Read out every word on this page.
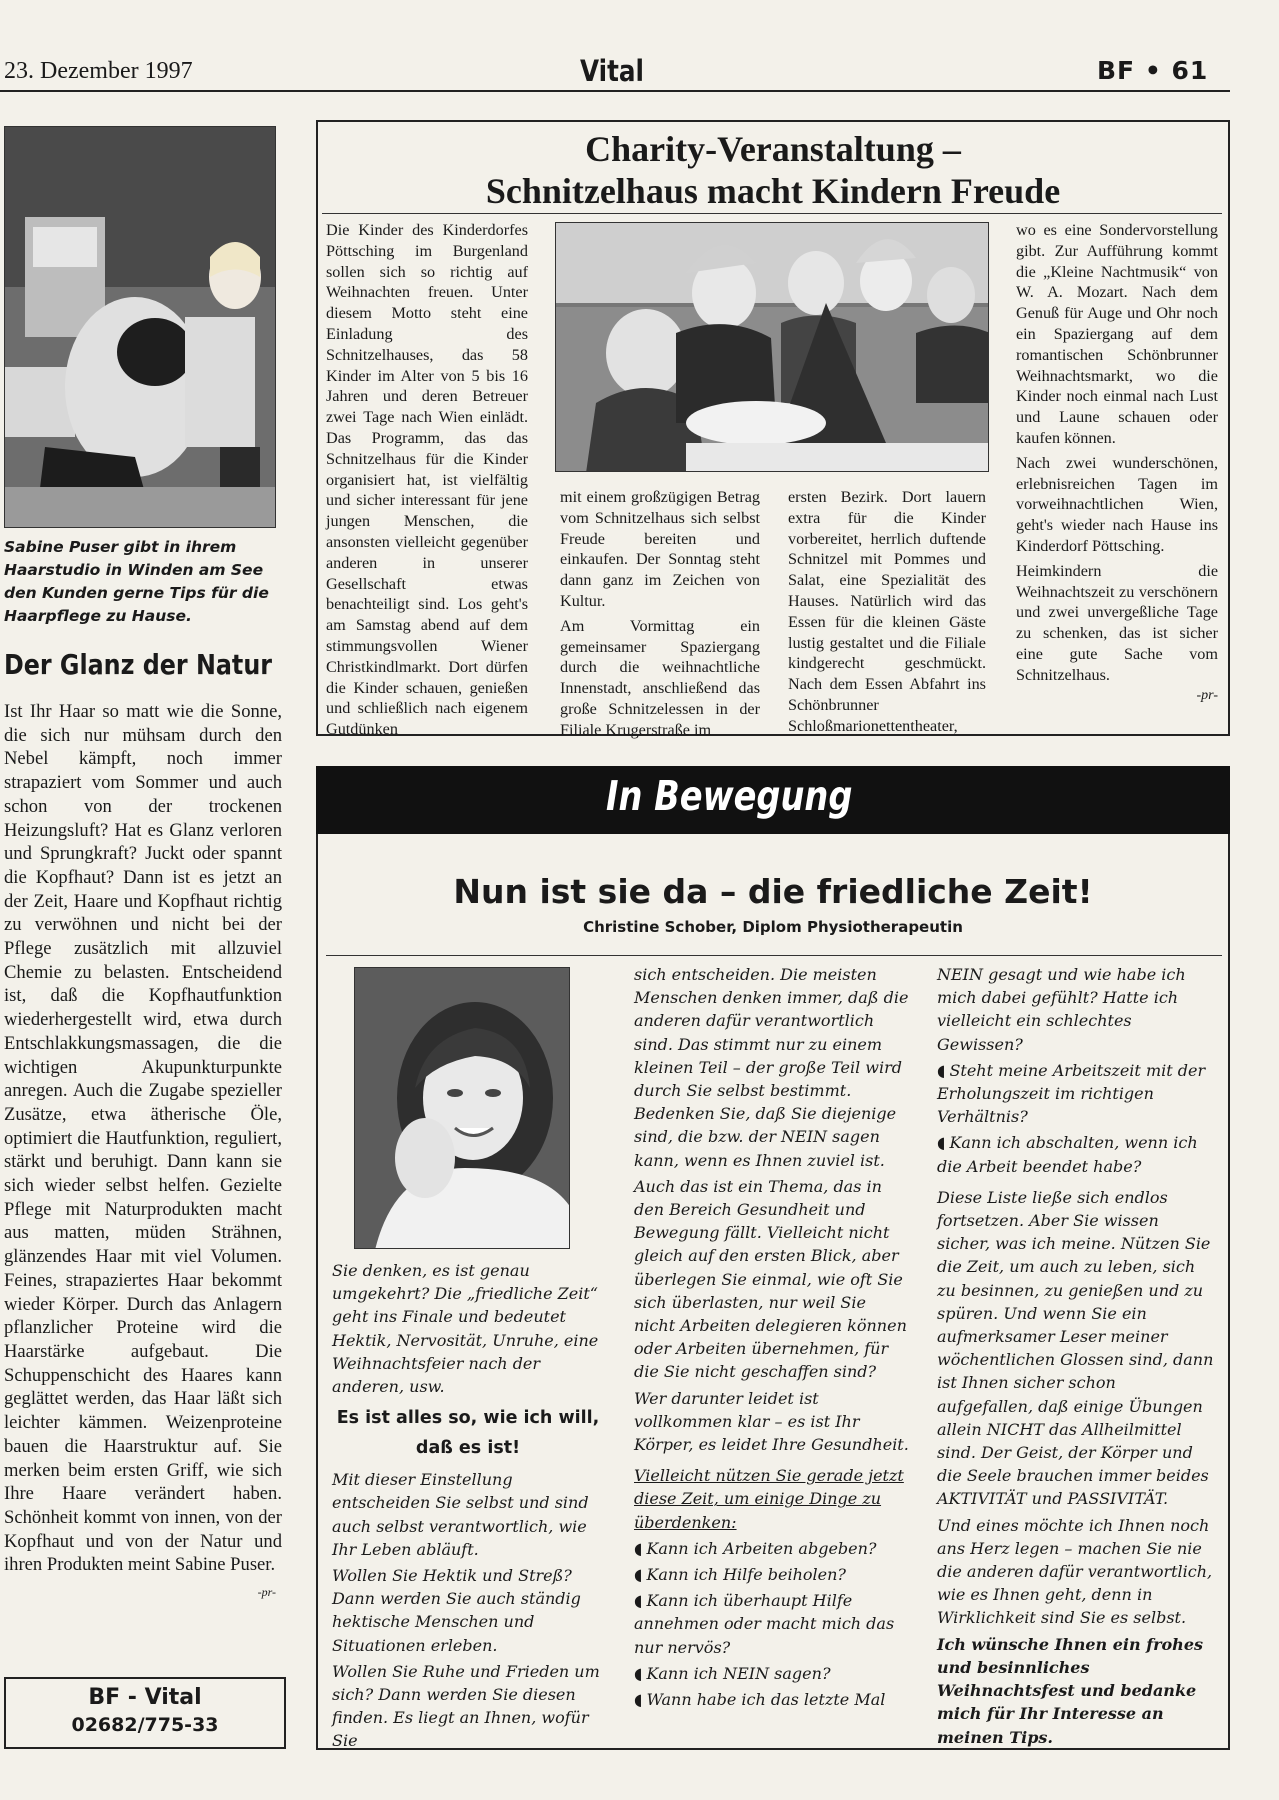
23. Dezember 1997	Vital	BF • 61
Sabine Puser gibt in ihrem Haarstudio in Winden am See den Kunden gerne Tips für die Haarpflege zu Hause.
Der Glanz der Natur
Ist Ihr Haar so matt wie die Sonne, die sich nur mühsam durch den Nebel kämpft, noch immer strapaziert vom Sommer und auch schon von der trockenen Heizungsluft? Hat es Glanz verloren und Sprungkraft? Juckt oder spannt die Kopfhaut? Dann ist es jetzt an der Zeit, Haare und Kopfhaut richtig zu verwöhnen und nicht bei der Pflege zusätzlich mit allzuviel Chemie zu belasten. Entscheidend ist, daß die Kopfhautfunktion wiederhergestellt wird, etwa durch Entschlakkungsmassagen, die die wichtigen Akupunkturpunkte anregen. Auch die Zugabe spezieller Zusätze, etwa ätherische Öle, optimiert die Hautfunktion, reguliert, stärkt und beruhigt. Dann kann sie sich wieder selbst helfen. Gezielte Pflege mit Naturprodukten macht aus matten, müden Strähnen, glänzendes Haar mit viel Volumen. Feines, strapaziertes Haar bekommt wieder Körper. Durch das Anlagern pflanzlicher Proteine wird die Haarstärke aufgebaut. Die Schuppenschicht des Haares kann geglättet werden, das Haar läßt sich leichter kämmen. Weizenproteine bauen die Haarstruktur auf. Sie merken beim ersten Griff, wie sich Ihre Haare verändert haben. Schönheit kommt von innen, von der Kopfhaut und von der Natur und ihren Produkten meint Sabine Puser.
-pr-
BF - Vital
02682/775-33
Charity-Veranstaltung –
Schnitzelhaus macht Kindern Freude

Die Kinder des Kinderdorfes Pöttsching im Burgenland sollen sich so richtig auf Weihnachten freuen. Unter diesem Motto steht eine Einladung des Schnitzelhauses, das 58 Kinder im Alter von 5 bis 16 Jahren und deren Betreuer zwei Tage nach Wien einlädt. Das Programm, das das Schnitzelhaus für die Kinder organisiert hat, ist vielfältig und sicher interessant für jene jungen Menschen, die ansonsten vielleicht gegenüber anderen in unserer Gesellschaft etwas benachteiligt sind. Los geht's am Samstag abend auf dem stimmungsvollen Wiener Christkindlmarkt. Dort dürfen die Kinder schauen, genießen und schließlich nach eigenem Gutdünken

mit einem großzügigen Betrag vom Schnitzelhaus sich selbst Freude bereiten und einkaufen. Der Sonntag steht dann ganz im Zeichen von Kultur.

Am Vormittag ein gemeinsamer Spaziergang durch die weihnachtliche Innenstadt, anschließend das große Schnitzelessen in der Filiale Krugerstraße im

ersten Bezirk. Dort lauern extra für die Kinder vorbereitet, herrlich duftende Schnitzel mit Pommes und Salat, eine Spezialität des Hauses. Natürlich wird das Essen für die kleinen Gäste lustig gestaltet und die Filiale kindgerecht geschmückt. Nach dem Essen Abfahrt ins Schönbrunner Schloßmarionettentheater,

wo es eine Sondervorstellung gibt. Zur Aufführung kommt die „Kleine Nachtmusik“ von W. A. Mozart. Nach dem Genuß für Auge und Ohr noch ein Spaziergang auf dem romantischen Schönbrunner Weihnachtsmarkt, wo die Kinder noch einmal nach Lust und Laune schauen oder kaufen können.

Nach zwei wunderschönen, erlebnisreichen Tagen im vorweihnachtlichen Wien, geht's wieder nach Hause ins Kinderdorf Pöttsching.

Heimkindern die Weihnachtszeit zu verschönern und zwei unvergeßliche Tage zu schenken, das ist sicher eine gute Sache vom Schnitzelhaus.

-pr-
In Bewegung
Nun ist sie da – die friedliche Zeit!
Christine Schober, Diplom Physiotherapeutin

Sie denken, es ist genau umgekehrt? Die „friedliche Zeit“ geht ins Finale und bedeutet Hektik, Nervosität, Unruhe, eine Weihnachtsfeier nach der anderen, usw.

Es ist alles so, wie ich will, daß es ist!

Mit dieser Einstellung entscheiden Sie selbst und sind auch selbst verantwortlich, wie Ihr Leben abläuft.

Wollen Sie Hektik und Streß? Dann werden Sie auch ständig hektische Menschen und Situationen erleben.

Wollen Sie Ruhe und Frieden um sich? Dann werden Sie diesen finden. Es liegt an Ihnen, wofür Sie

sich entscheiden. Die meisten Menschen denken immer, daß die anderen dafür verantwortlich sind. Das stimmt nur zu einem kleinen Teil – der große Teil wird durch Sie selbst bestimmt. Bedenken Sie, daß Sie diejenige sind, die bzw. der NEIN sagen kann, wenn es Ihnen zuviel ist.

Auch das ist ein Thema, das in den Bereich Gesundheit und Bewegung fällt. Vielleicht nicht gleich auf den ersten Blick, aber überlegen Sie einmal, wie oft Sie sich überlasten, nur weil Sie nicht Arbeiten delegieren können oder Arbeiten übernehmen, für die Sie nicht geschaffen sind?

Wer darunter leidet ist vollkommen klar – es ist Ihr Körper, es leidet Ihre Gesundheit.

Vielleicht nützen Sie gerade jetzt diese Zeit, um einige Dinge zu überdenken:

◖ Kann ich Arbeiten abgeben?

◖ Kann ich Hilfe beiholen?

◖ Kann ich überhaupt Hilfe annehmen oder macht mich das nur nervös?

◖ Kann ich NEIN sagen?

◖ Wann habe ich das letzte Mal

NEIN gesagt und wie habe ich mich dabei gefühlt? Hatte ich vielleicht ein schlechtes Gewissen?

◖ Steht meine Arbeitszeit mit der Erholungszeit im richtigen Verhältnis?

◖ Kann ich abschalten, wenn ich die Arbeit beendet habe?

Diese Liste ließe sich endlos fortsetzen. Aber Sie wissen sicher, was ich meine. Nützen Sie die Zeit, um auch zu leben, sich zu besinnen, zu genießen und zu spüren. Und wenn Sie ein aufmerksamer Leser meiner wöchentlichen Glossen sind, dann ist Ihnen sicher schon aufgefallen, daß einige Übungen allein NICHT das Allheilmittel sind. Der Geist, der Körper und die Seele brauchen immer beides AKTIVITÄT und PASSIVITÄT.

Und eines möchte ich Ihnen noch ans Herz legen – machen Sie nie die anderen dafür verantwortlich, wie es Ihnen geht, denn in Wirklichkeit sind Sie es selbst.

Ich wünsche Ihnen ein frohes und besinnliches Weihnachtsfest und bedanke mich für Ihr Interesse an meinen Tips.
